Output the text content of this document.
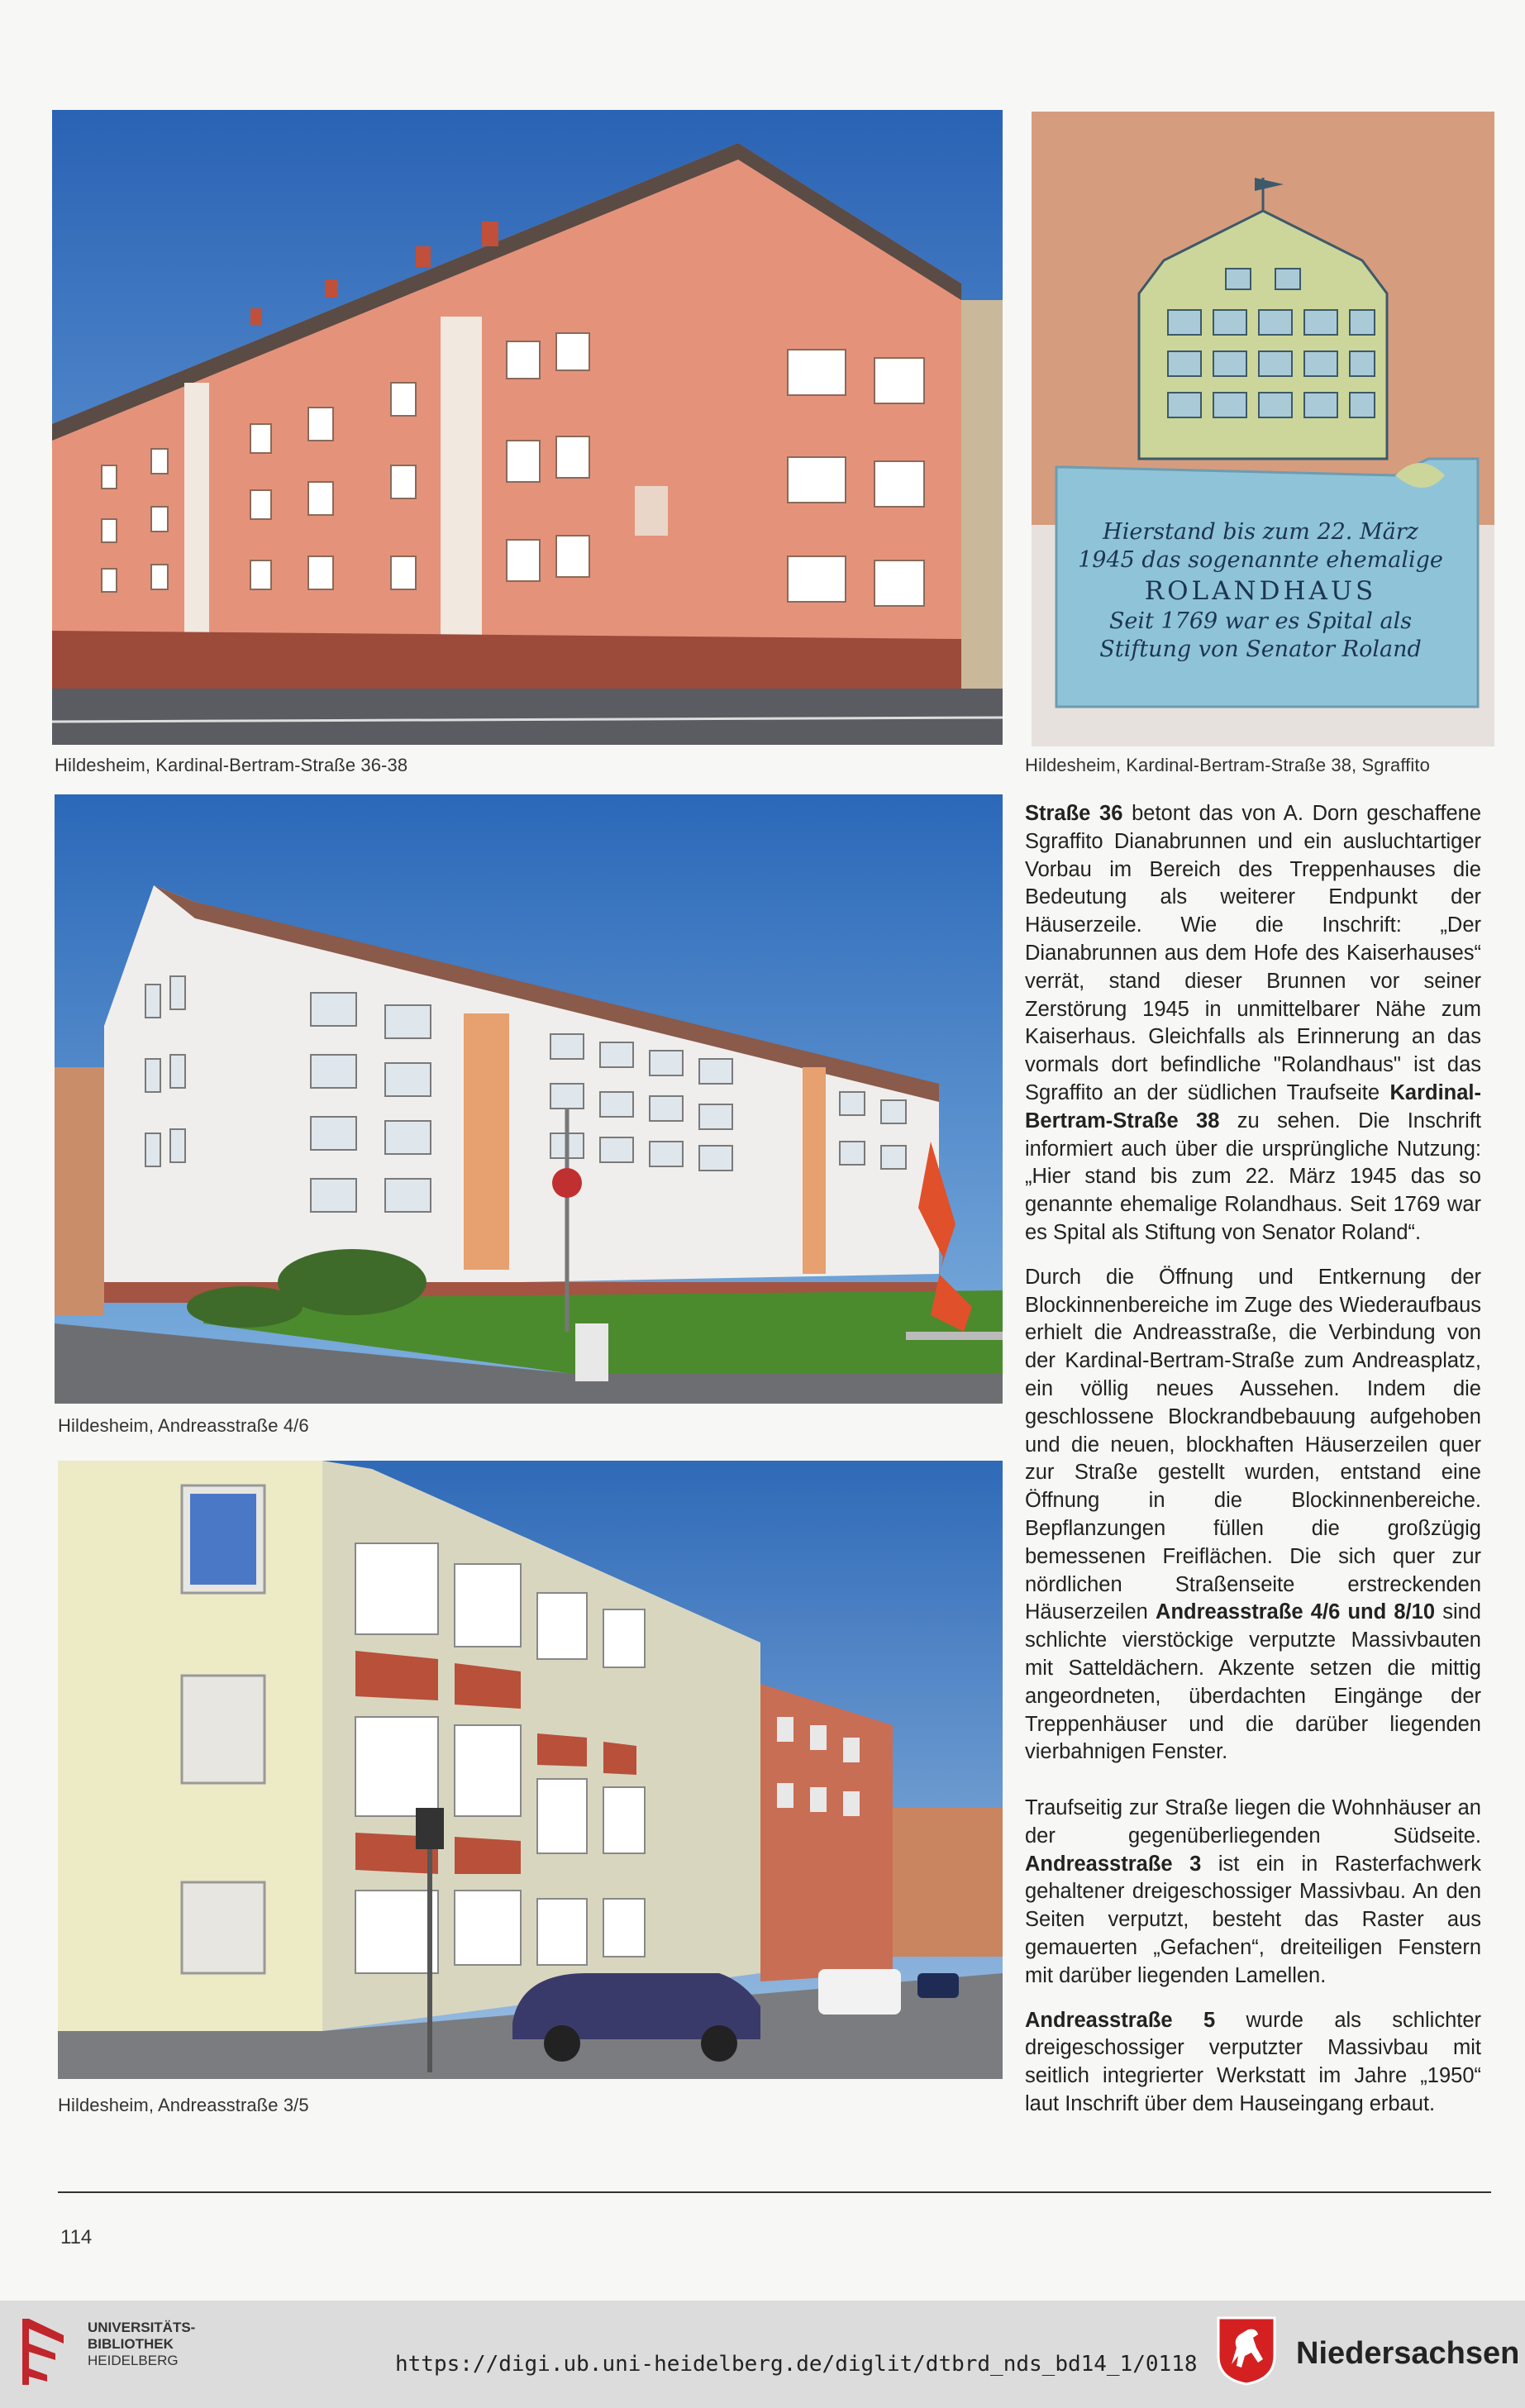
Hildesheim, Kardinal-Bertram-Straße 36-38
Hierstand bis zum 22. März
1945 das sogenannte ehemalige
ROLANDHAUS
Seit 1769 war es Spital als
Stiftung von Senator Roland
Hildesheim, Kardinal-Bertram-Straße 38, Sgraffito
Hildesheim, Andreasstraße 4/6
Hildesheim, Andreasstraße 3/5

Straße 36 betont das von A. Dorn geschaffene Sgraffito Dianabrunnen und ein ausluchtartiger Vorbau im Bereich des Treppenhauses die Bedeutung als weiterer Endpunkt der Häuserzeile. Wie die Inschrift: „Der Dianabrunnen aus dem Hofe des Kaiserhauses“ verrät, stand dieser Brunnen vor seiner Zerstörung 1945 in unmittelbarer Nähe zum Kaiserhaus. Gleichfalls als Erinnerung an das vormals dort befindliche "Rolandhaus" ist das Sgraffito an der südlichen Traufseite Kardinal-Bertram-Straße 38 zu sehen. Die Inschrift informiert auch über die ursprüngliche Nutzung: „Hier stand bis zum 22. März 1945 das so genannte ehemalige Rolandhaus. Seit 1769 war es Spital als Stiftung von Senator Roland“.

Durch die Öffnung und Entkernung der Blockinnenbereiche im Zuge des Wiederaufbaus erhielt die Andreasstraße, die Verbindung von der Kardinal-Bertram-Straße zum Andreasplatz, ein völlig neues Aussehen. Indem die geschlossene Blockrandbebauung aufgehoben und die neuen, blockhaften Häuserzeilen quer zur Straße gestellt wurden, entstand eine Öffnung in die Blockinnenbereiche. Bepflanzungen füllen die großzügig bemessenen Freiflächen. Die sich quer zur nördlichen Straßenseite erstreckenden Häuserzeilen Andreasstraße 4/6 und 8/10 sind schlichte vierstöckige verputzte Massivbauten mit Satteldächern. Akzente setzen die mittig angeordneten, überdachten Eingänge der Treppenhäuser und die darüber liegenden vierbahnigen Fenster.

Traufseitig zur Straße liegen die Wohnhäuser an der gegenüberliegenden Südseite. Andreasstraße 3 ist ein in Rasterfachwerk gehaltener dreigeschossiger Massivbau. An den Seiten verputzt, besteht das Raster aus gemauerten „Gefachen“, dreiteiligen Fenstern mit darüber liegenden Lamellen.

Andreasstraße 5 wurde als schlichter dreigeschossiger verputzter Massivbau mit seitlich integrierter Werkstatt im Jahre „1950“ laut Inschrift über dem Hauseingang erbaut.

114
UNIVERSITÄTS-
BIBLIOTHEK
HEIDELBERG	https://digi.ub.uni-heidelberg.de/diglit/dtbrd_nds_bd14_1/0118	Niedersachsen
